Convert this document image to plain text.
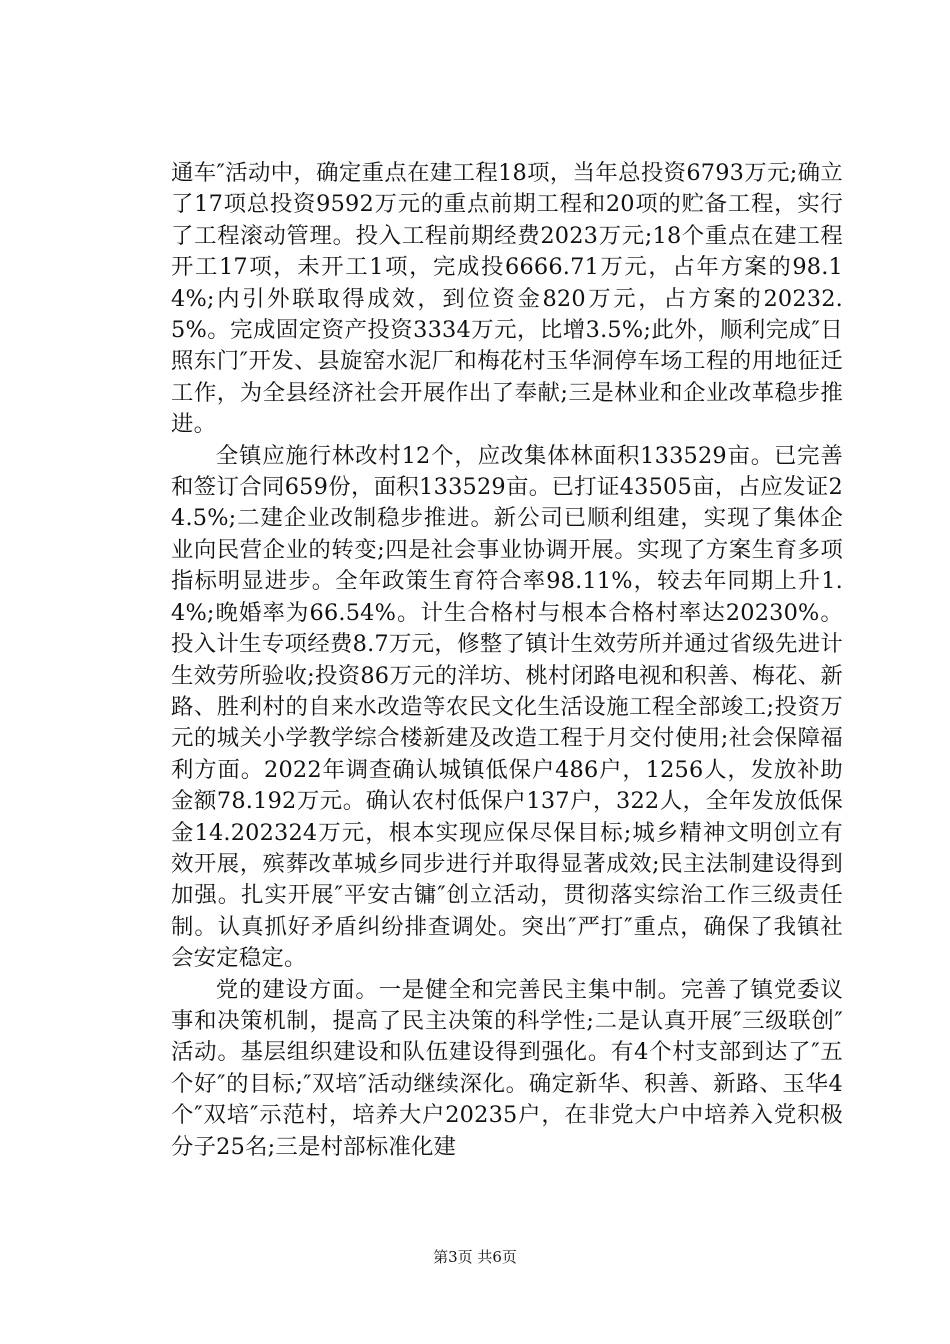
通车″活动中，确定重点在建工程18项，当年总投资6793万元;确立了17项总投资9592万元的重点前期工程和20项的贮备工程，实行了工程滚动管理。投入工程前期经费2023万元;18个重点在建工程开工17项，未开工1项，完成投6666.71万元，占年方案的98.14%;内引外联取得成效，到位资金820万元，占方案的20232.5%。完成固定资产投资3334万元，比增3.5%;此外，顺利完成″日照东门″开发、县旋窑水泥厂和梅花村玉华洞停车场工程的用地征迁工作，为全县经济社会开展作出了奉献;三是林业和企业改革稳步推进。

全镇应施行林改村12个，应改集体林面积133529亩。已完善和签订合同659份，面积133529亩。已打证43505亩，占应发证24.5%;二建企业改制稳步推进。新公司已顺利组建，实现了集体企业向民营企业的转变;四是社会事业协调开展。实现了方案生育多项指标明显进步。全年政策生育符合率98.11%，较去年同期上升1.4%;晚婚率为66.54%。计生合格村与根本合格村率达20230%。投入计生专项经费8.7万元，修整了镇计生效劳所并通过省级先进计生效劳所验收;投资86万元的洋坊、桃村闭路电视和积善、梅花、新路、胜利村的自来水改造等农民文化生活设施工程全部竣工;投资万元的城关小学教学综合楼新建及改造工程于月交付使用;社会保障福利方面。2022年调查确认城镇低保户486户，1256人，发放补助金额78.192万元。确认农村低保户137户，322人，全年发放低保金14.202324万元，根本实现应保尽保目标;城乡精神文明创立有效开展，殡葬改革城乡同步进行并取得显著成效;民主法制建设得到加强。扎实开展″平安古镛″创立活动，贯彻落实综治工作三级责任制。认真抓好矛盾纠纷排查调处。突出″严打″重点，确保了我镇社会安定稳定。

党的建设方面。一是健全和完善民主集中制。完善了镇党委议事和决策机制，提高了民主决策的科学性;二是认真开展″三级联创″活动。基层组织建设和队伍建设得到强化。有4个村支部到达了″五个好″的目标;″双培″活动继续深化。确定新华、积善、新路、玉华4个″双培″示范村，培养大户20235户，在非党大户中培养入党积极分子25名;三是村部标准化建

第3页 共6页
